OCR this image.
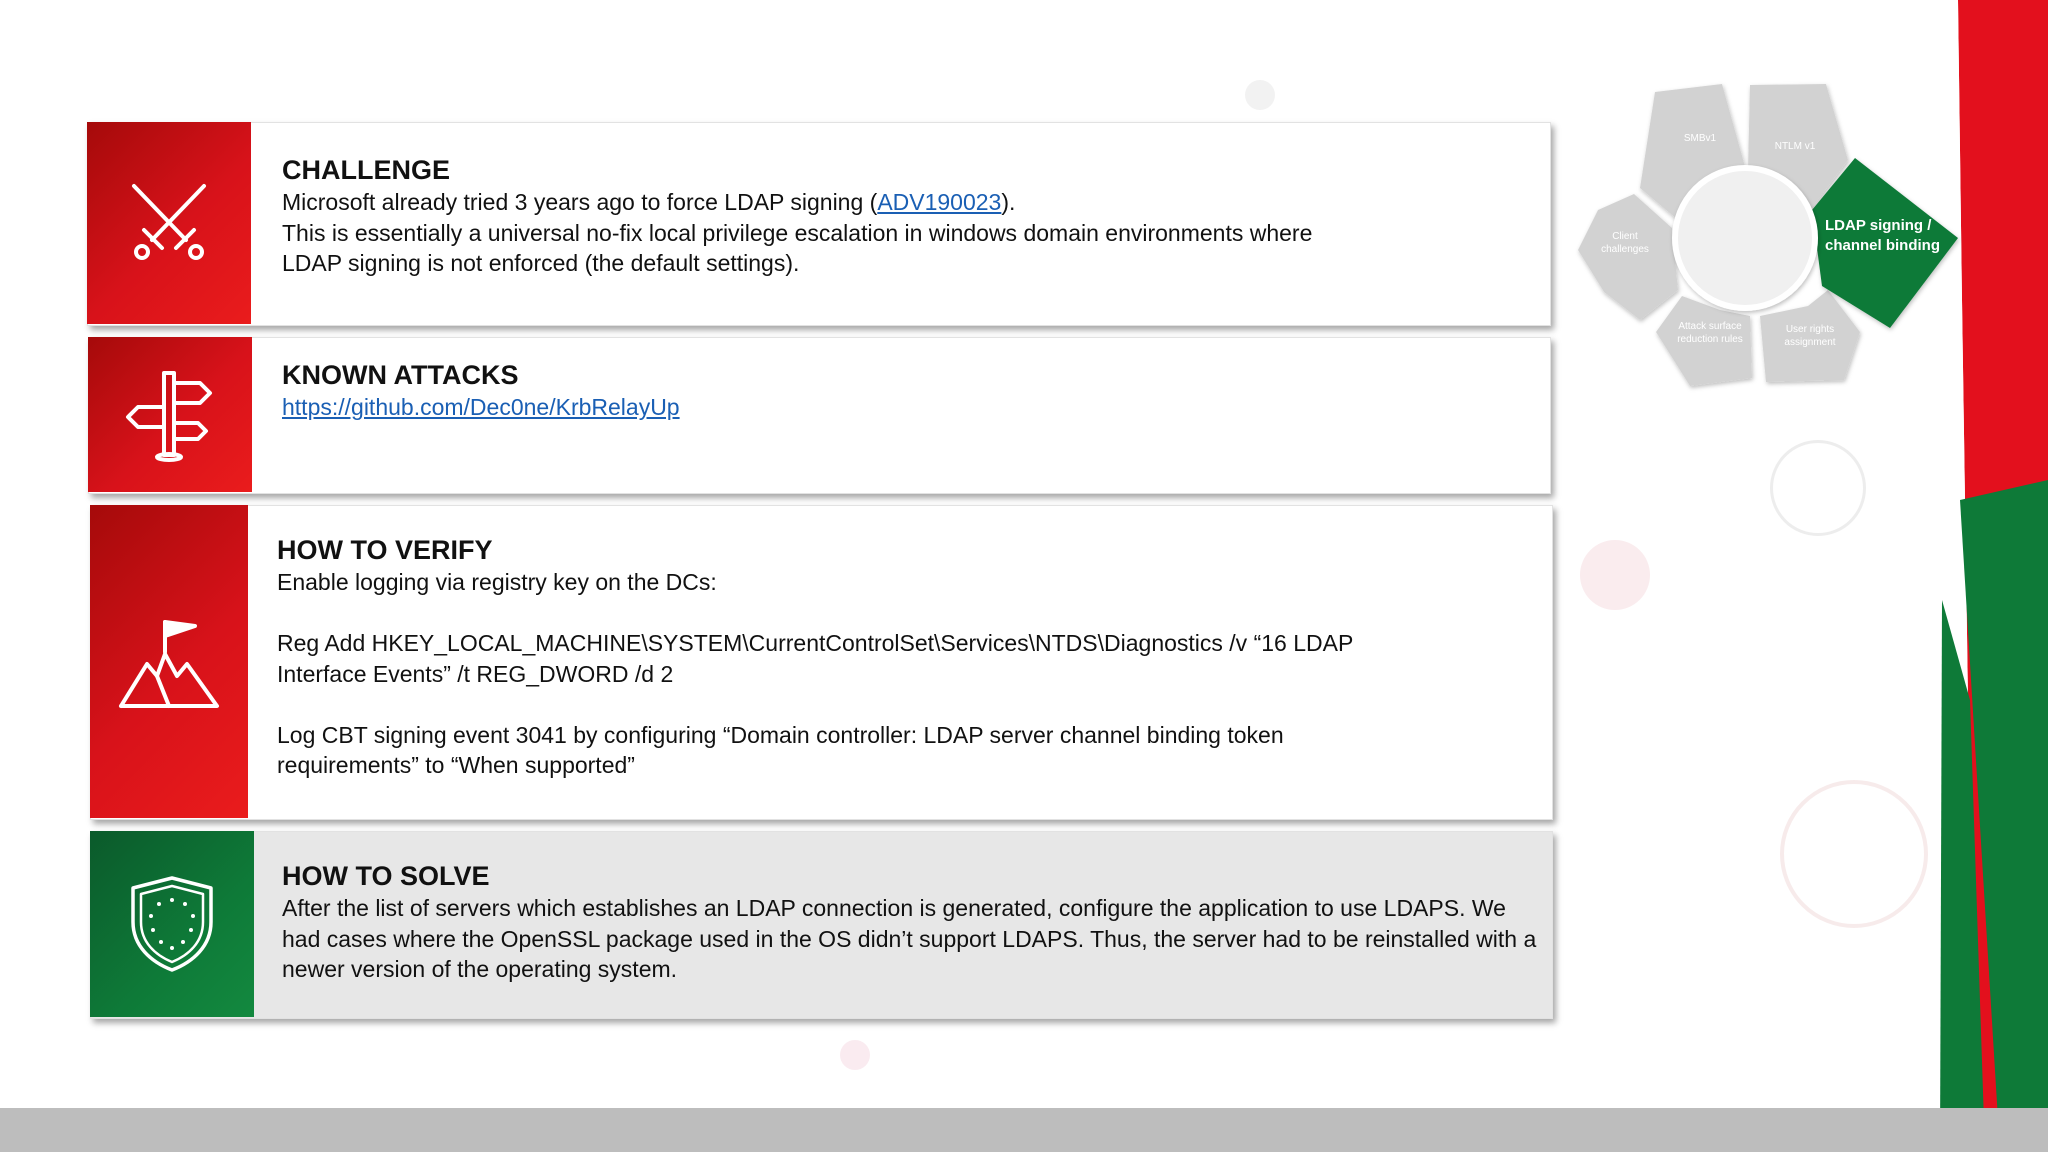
CHALLENGE
Microsoft already tried 3 years ago to force LDAP signing (ADV190023).
This is essentially a universal no-fix local privilege escalation in windows domain environments where
LDAP signing is not enforced (the default settings).
KNOWN ATTACKS
https://github.com/Dec0ne/KrbRelayUp
HOW TO VERIFY
Enable logging via registry key on the DCs:
Reg Add HKEY_LOCAL_MACHINE\SYSTEM\CurrentControlSet\Services\NTDS\Diagnostics /v “16 LDAP
Interface Events” /t REG_DWORD /d 2
Log CBT signing event 3041 by configuring “Domain controller: LDAP server channel binding token
requirements” to “When supported”
HOW TO SOLVE
After the list of servers which establishes an LDAP connection is generated, configure the application to use LDAPS. We
had cases where the OpenSSL package used in the OS didn’t support LDAPS. Thus, the server had to be reinstalled with a
newer version of the operating system.
SMBv1
NTLM v1
LDAP signing /
channel binding
Client
challenges
Attack surface
reduction rules
User rights
assignment
